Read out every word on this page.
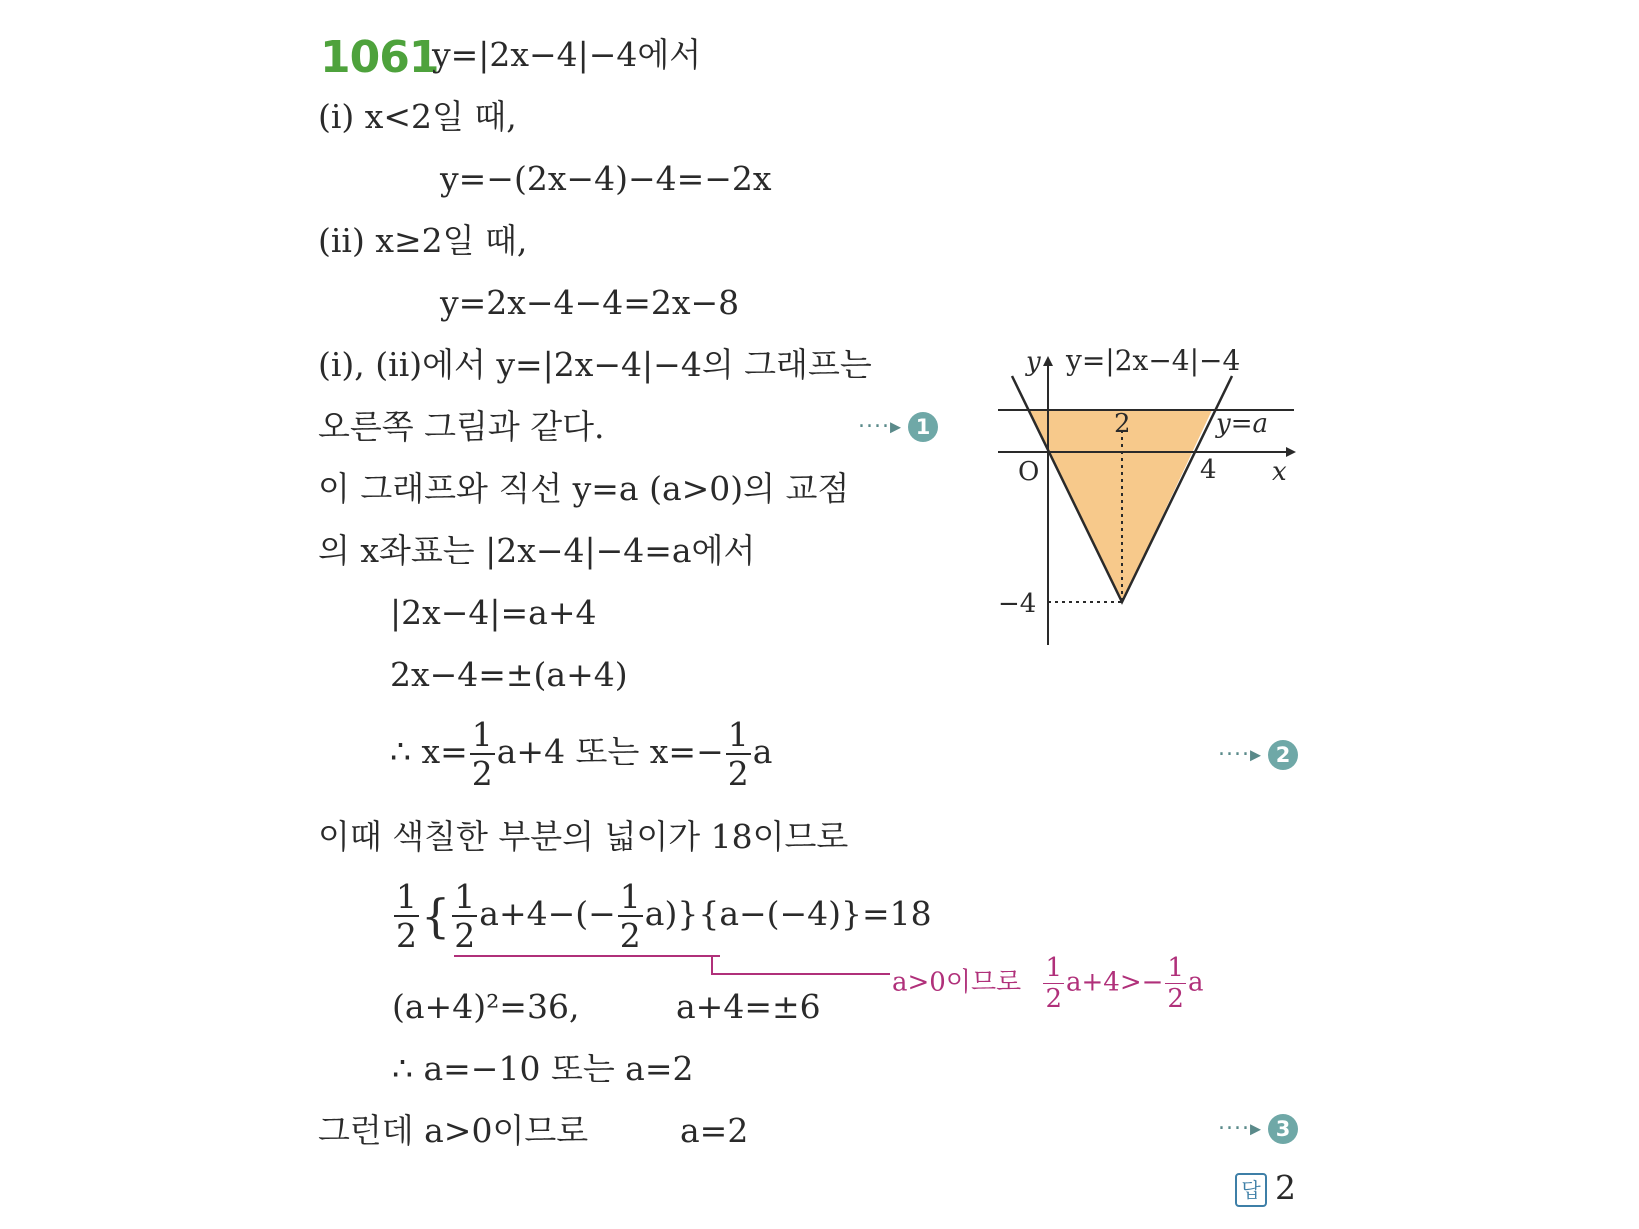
1061
y=|2x−4|−4에서
(i) x<2일 때,
y=−(2x−4)−4=−2x
(ii) x≥2일 때,
y=2x−4−4=2x−8
(i), (ii)에서 y=|2x−4|−4의 그래프는
오른쪽 그림과 같다.	····▸ 1
이 그래프와 직선 y=a (a>0)의 교점
의 x좌표는 |2x−4|−4=a에서
|2x−4|=a+4
2x−4=±(a+4)
∴ $x= \frac{1}{2} a+4$ 또는 $x=- \frac{1}{2}$ a	····▸ 2
이때 색칠한 부분의 넓이가 18이므로
$\frac{1}{2}$ { $\frac{1}{2} a+4-(- \frac{1}{2} a)\}\{a-(-4)\}=18$
a>0이므로 $\frac{1}{2} a+4>- \frac{1}{2}$ a
(a+4)²=36,	a+4=±6
∴ a=−10 또는 a=2
그런데 a>0이므로	a=2	····▸ 3
답 2
y y=|2x−4|−4
2	y=a
O	4 x
−4
